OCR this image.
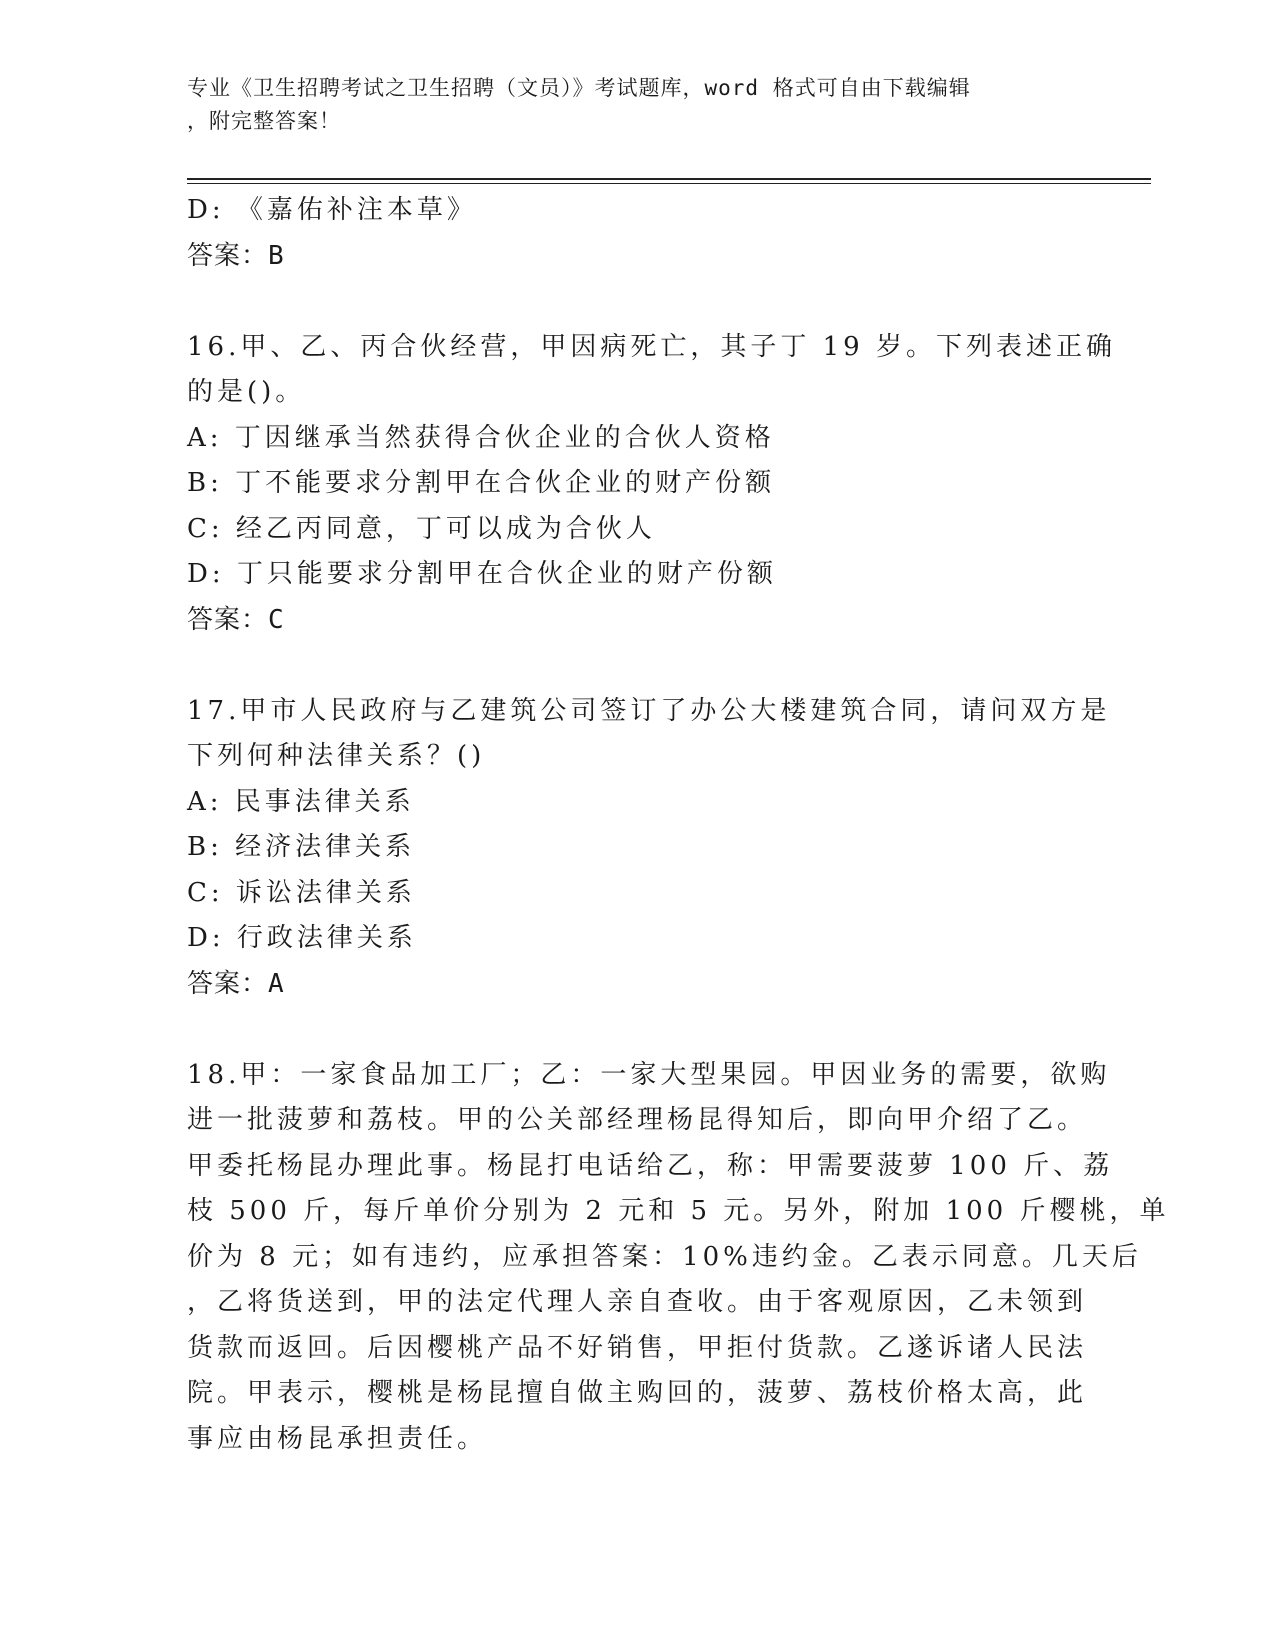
专业《卫生招聘考试之卫生招聘（文员）》考试题库，word 格式可自由下载编辑
，附完整答案！
D: 《嘉佑补注本草》
答案：B
16.甲、乙、丙合伙经营，甲因病死亡，其子丁 19 岁。下列表述正确
的是()。
A: 丁因继承当然获得合伙企业的合伙人资格
B: 丁不能要求分割甲在合伙企业的财产份额
C: 经乙丙同意，丁可以成为合伙人
D: 丁只能要求分割甲在合伙企业的财产份额
答案：C
17.甲市人民政府与乙建筑公司签订了办公大楼建筑合同，请问双方是
下列何种法律关系？()
A: 民事法律关系
B: 经济法律关系
C: 诉讼法律关系
D: 行政法律关系
答案：A
18.甲：一家食品加工厂；乙：一家大型果园。甲因业务的需要，欲购
进一批菠萝和荔枝。甲的公关部经理杨昆得知后，即向甲介绍了乙。
甲委托杨昆办理此事。杨昆打电话给乙，称：甲需要菠萝 100 斤、荔
枝 500 斤，每斤单价分别为 2 元和 5 元。另外，附加 100 斤樱桃，单
价为 8 元；如有违约，应承担答案：10%违约金。乙表示同意。几天后
，乙将货送到，甲的法定代理人亲自查收。由于客观原因，乙未领到
货款而返回。后因樱桃产品不好销售，甲拒付货款。乙遂诉诸人民法
院。甲表示，樱桃是杨昆擅自做主购回的，菠萝、荔枝价格太高，此
事应由杨昆承担责任。
